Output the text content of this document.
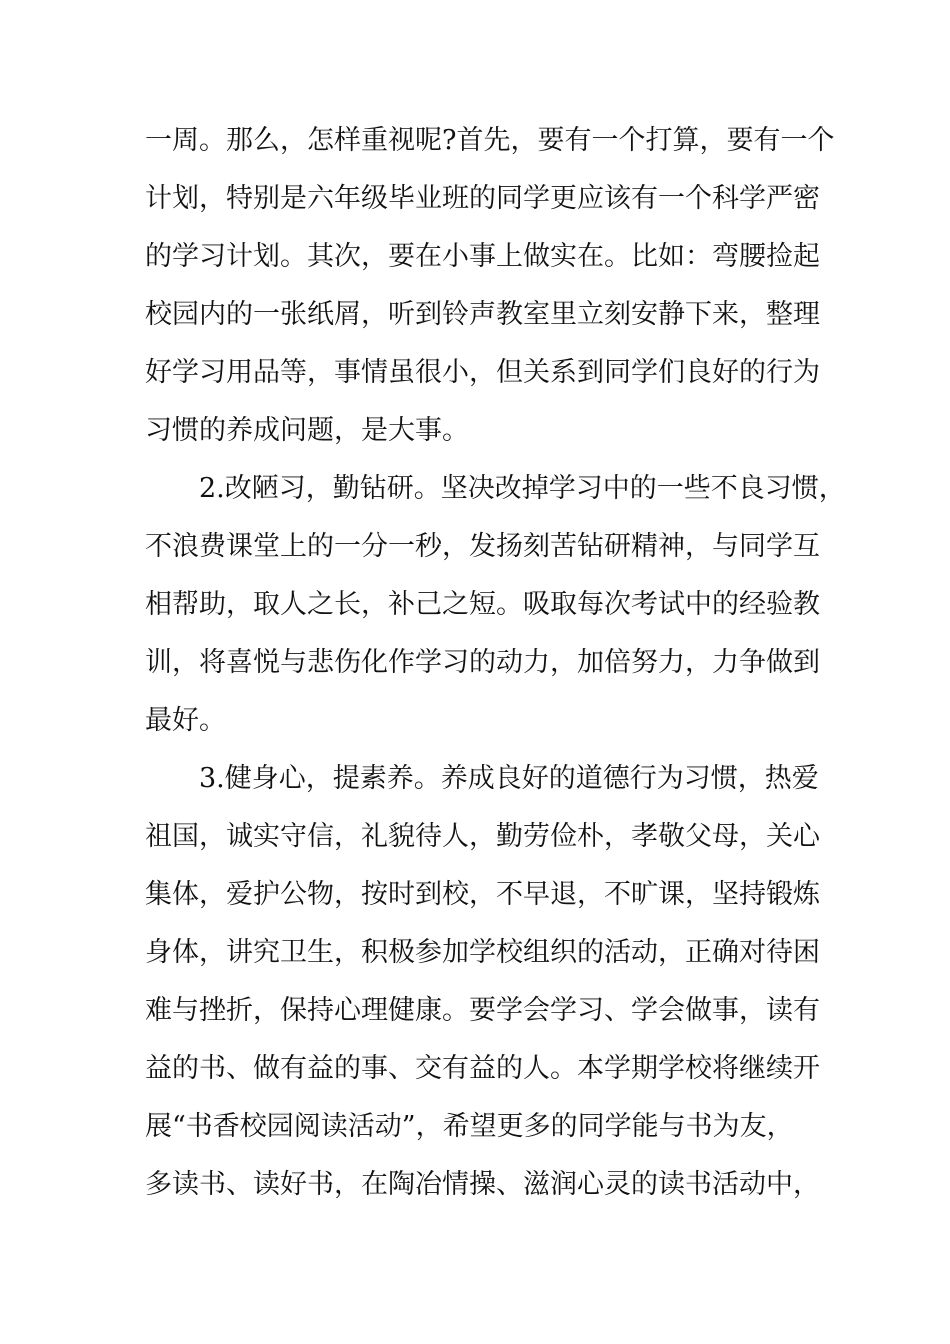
一周。那么，怎样重视呢?首先，要有一个打算，要有一个
计划，特别是六年级毕业班的同学更应该有一个科学严密
的学习计划。其次，要在小事上做实在。比如：弯腰捡起
校园内的一张纸屑，听到铃声教室里立刻安静下来，整理
好学习用品等，事情虽很小，但关系到同学们良好的行为
习惯的养成问题，是大事。
2.改陋习，勤钻研。坚决改掉学习中的一些不良习惯，
不浪费课堂上的一分一秒，发扬刻苦钻研精神，与同学互
相帮助，取人之长，补己之短。吸取每次考试中的经验教
训，将喜悦与悲伤化作学习的动力，加倍努力，力争做到
最好。
3.健身心，提素养。养成良好的道德行为习惯，热爱
祖国，诚实守信，礼貌待人，勤劳俭朴，孝敬父母，关心
集体，爱护公物，按时到校，不早退，不旷课，坚持锻炼
身体，讲究卫生，积极参加学校组织的活动，正确对待困
难与挫折，保持心理健康。要学会学习、学会做事，读有
益的书、做有益的事、交有益的人。本学期学校将继续开
展“书香校园阅读活动”，希望更多的同学能与书为友，
多读书、读好书，在陶冶情操、滋润心灵的读书活动中，
